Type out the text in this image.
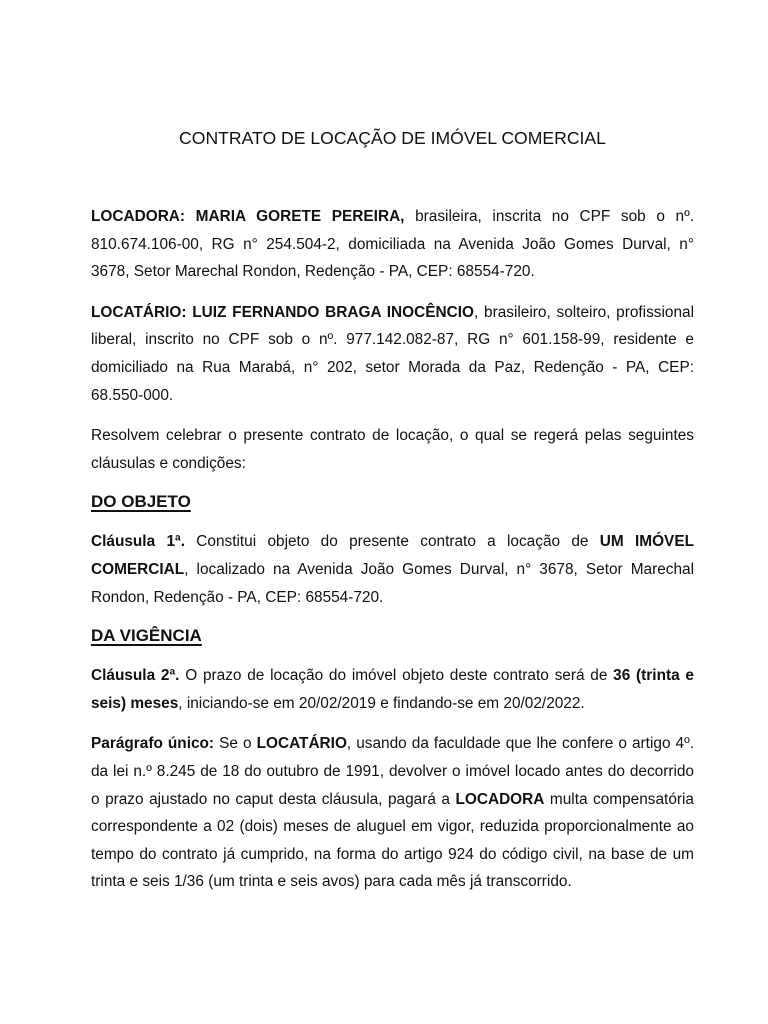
CONTRATO DE LOCAÇÃO DE IMÓVEL COMERCIAL

LOCADORA: MARIA GORETE PEREIRA, brasileira, inscrita no CPF sob o nº. 810.674.106-00, RG n° 254.504-2, domiciliada na Avenida João Gomes Durval, n° 3678, Setor Marechal Rondon, Redenção - PA, CEP: 68554-720.

LOCATÁRIO: LUIZ FERNANDO BRAGA INOCÊNCIO, brasileiro, solteiro, profissional liberal, inscrito no CPF sob o nº. 977.142.082-87, RG n° 601.158-99, residente e domiciliado na Rua Marabá, n° 202, setor Morada da Paz, Redenção - PA, CEP: 68.550-000.

Resolvem celebrar o presente contrato de locação, o qual se regerá pelas seguintes cláusulas e condições:

DO OBJETO

Cláusula 1ª. Constitui objeto do presente contrato a locação de UM IMÓVEL COMERCIAL, localizado na Avenida João Gomes Durval, n° 3678, Setor Marechal Rondon, Redenção - PA, CEP: 68554-720.

DA VIGÊNCIA

Cláusula 2ª. O prazo de locação do imóvel objeto deste contrato será de 36 (trinta e seis) meses, iniciando-se em 20/02/2019 e findando-se em 20/02/2022.

Parágrafo único: Se o LOCATÁRIO, usando da faculdade que lhe confere o artigo 4º. da lei n.º 8.245 de 18 do outubro de 1991, devolver o imóvel locado antes do decorrido o prazo ajustado no caput desta cláusula, pagará a LOCADORA multa compensatória correspondente a 02 (dois) meses de aluguel em vigor, reduzida proporcionalmente ao tempo do contrato já cumprido, na forma do artigo 924 do código civil, na base de um trinta e seis 1/36 (um trinta e seis avos) para cada mês já transcorrido.
